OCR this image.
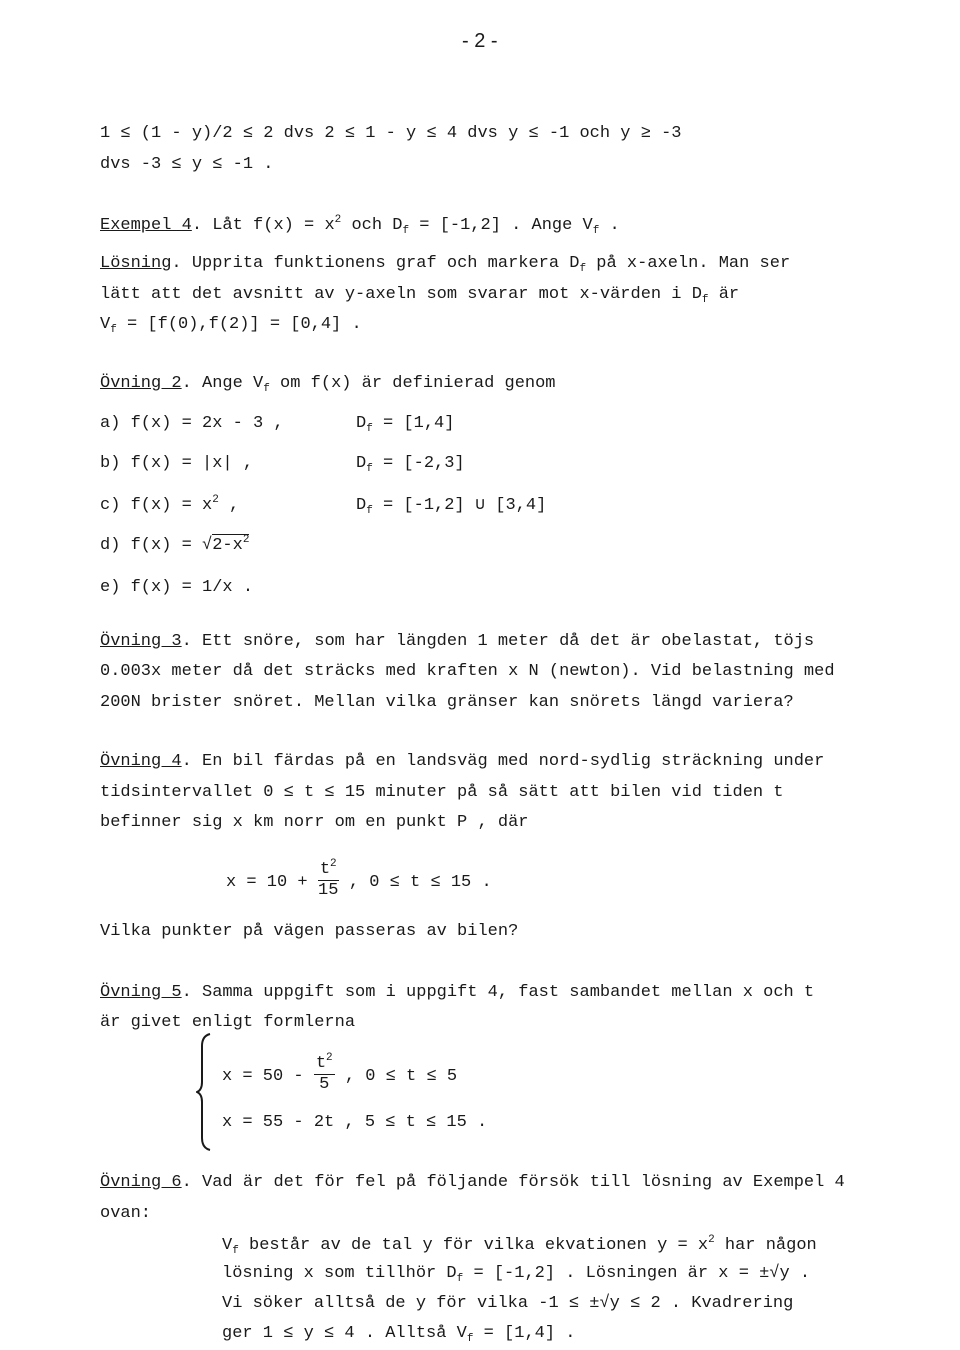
- 2 -
1 ≤ (1 - y)/2 ≤ 2 dvs 2 ≤ 1 - y ≤ 4 dvs y ≤ -1 och y ≥ -3
dvs -3 ≤ y ≤ -1 .
Exempel 4. Låt $f(x) = x^2$ och $D_f = [-1,2]$ . Ange $V_f$ .
Lösning. Upprita funktionens graf och markera $D_f$ på x-axeln. Man ser
lätt att det avsnitt av y-axeln som svarar mot x-värden i $D_f$ är
$V_f = [f(0),f(2)] = [0,4]$ .
Övning 2. Ange $V_f$ om f(x) är definierad genom
a) f(x) = 2x - 3 ,	$D_f = [1,4]$
b) f(x) = |x| ,	$D_f = [-2,3]$
c) $f(x) = x^2$ ,	$D_f = [-1,2]$ ∪ [3,4]
d) $f(x) = √2-x^2$
e) f(x) = 1/x .
Övning 3. Ett snöre, som har längden 1 meter då det är obelastat, töjs
0.003x meter då det sträcks med kraften x N (newton). Vid belastning med
200N brister snöret. Mellan vilka gränser kan snörets längd variera?
Övning 4. En bil färdas på en landsväg med nord-sydlig sträckning under
tidsintervallet 0 ≤ t ≤ 15 minuter på så sätt att bilen vid tiden t
befinner sig x km norr om en punkt P , där
$x = 10 + \frac{t^2}{15}$ , 0 ≤ t ≤ 15 .
Vilka punkter på vägen passeras av bilen?
Övning 5. Samma uppgift som i uppgift 4, fast sambandet mellan x och t
är givet enligt formlerna
$x = 50 - \frac{t^2}{5}$ , 0 ≤ t ≤ 5
x = 55 - 2t , 5 ≤ t ≤ 15 .
Övning 6. Vad är det för fel på följande försök till lösning av Exempel 4
ovan:
$V_f$ består av de tal y för vilka ekvationen $y = x^2$ har någon
lösning x som tillhör $D_f = [-1,2]$ . Lösningen är x = ±√y .
Vi söker alltså de y för vilka -1 ≤ ±√y ≤ 2 . Kvadrering
ger 1 ≤ y ≤ 4 . Alltså $V_f = [1,4]$ .
